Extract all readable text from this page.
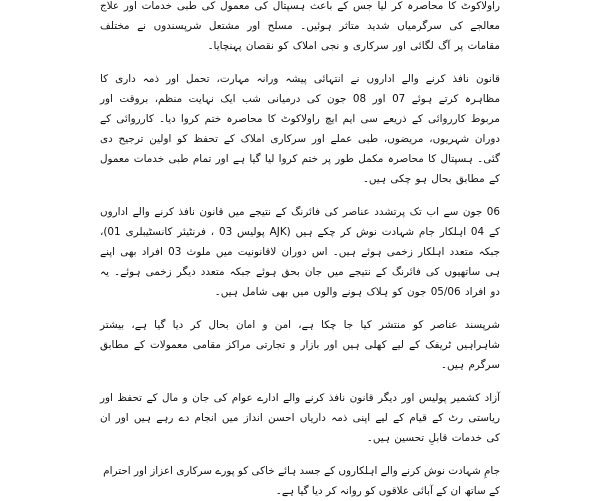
راولاکوٹ کا محاصرہ کر لیا جس کے باعث ہسپتال کی معمول کی طبی خدمات اور علاج معالجے کی سرگرمیاں شدید متاثر ہوئیں۔ مسلح اور مشتعل شرپسندوں نے مختلف مقامات پر آگ لگائی اور سرکاری و نجی املاک کو نقصان پہنچایا۔

قانون نافذ کرنے والے اداروں نے انتہائی پیشہ ورانہ مہارت، تحمل اور ذمہ داری کا مظاہرہ کرتے ہوئے 07 اور 08 جون کی درمیانی شب ایک نہایت منظم، بروقت اور مربوط کارروائی کے ذریعے سی ایم ایچ راولاکوٹ کا محاصرہ ختم کروا دیا۔ کارروائی کے دوران شہریوں، مریضوں، طبی عملے اور سرکاری املاک کے تحفظ کو اولین ترجیح دی گئی۔ ہسپتال کا محاصرہ مکمل طور پر ختم کروا لیا گیا ہے اور تمام طبی خدمات معمول کے مطابق بحال ہو چکی ہیں۔

06 جون سے اب تک پرتشدد عناصر کی فائرنگ کے نتیجے میں قانون نافذ کرنے والے اداروں کے 04 اہلکار جام شہادت نوش کر چکے ہیں (AJK پولیس 03 ، فرنٹیئر کانسٹیبلری 01)، جبکہ متعدد اہلکار زخمی ہوئے ہیں۔ اس دوران لاقانونیت میں ملوث 03 افراد بھی اپنے ہی ساتھیوں کی فائرنگ کے نتیجے میں جان بحق ہوئے جبکہ متعدد دیگر زخمی ہوئے۔ یہ دو افراد 05/06 جون کو ہلاک ہونے والوں میں بھی شامل ہیں۔

شرپسند عناصر کو منتشر کیا جا چکا ہے، امن و امان بحال کر دیا گیا ہے، بیشتر شاہراہیں ٹریفک کے لیے کھلی ہیں اور بازار و تجارتی مراکز مقامی معمولات کے مطابق سرگرم ہیں۔

آزاد کشمیر پولیس اور دیگر قانون نافذ کرنے والے ادارے عوام کی جان و مال کے تحفظ اور ریاستی رٹ کے قیام کے لیے اپنی ذمہ داریاں احسن انداز میں انجام دے رہے ہیں اور ان کی خدمات قابلِ تحسین ہیں۔

جامِ شہادت نوش کرنے والے اہلکاروں کے جسد ہائے خاکی کو پورے سرکاری اعزاز اور احترام کے ساتھ ان کے آبائی علاقوں کو روانہ کر دیا گیا ہے۔
